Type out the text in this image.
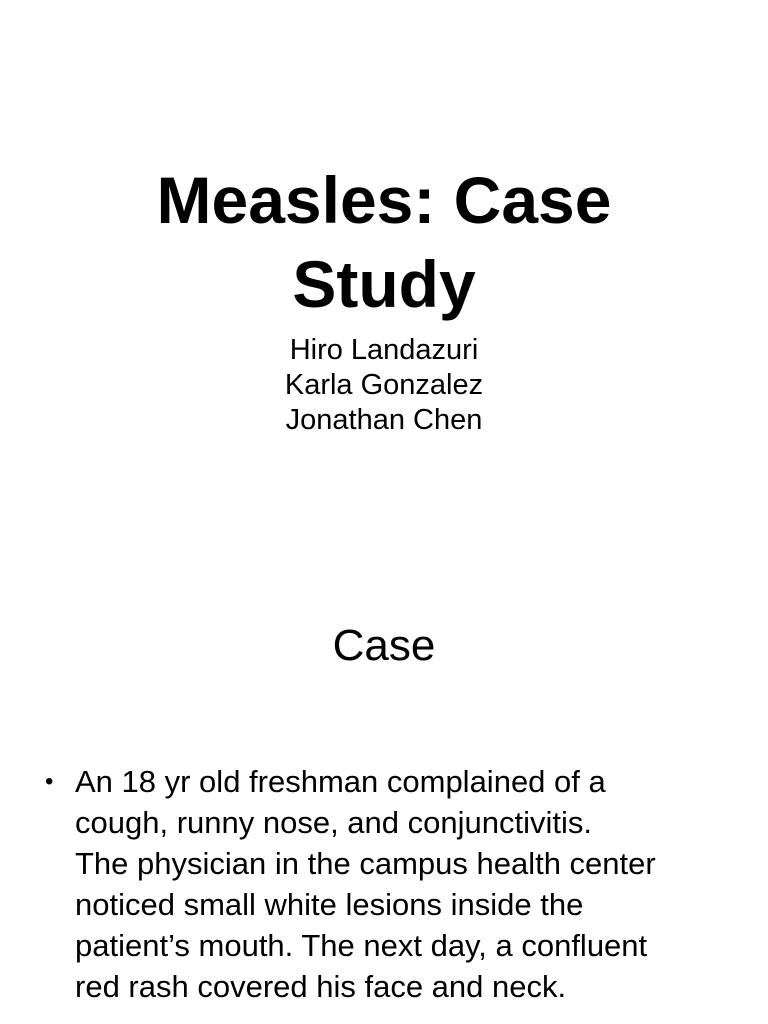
Measles: Case
Study
Hiro Landazuri
Karla Gonzalez
Jonathan Chen
Case
• An 18 yr old freshman complained of a
cough, runny nose, and conjunctivitis.
The physician in the campus health center
noticed small white lesions inside the
patient’s mouth. The next day, a confluent
red rash covered his face and neck.
